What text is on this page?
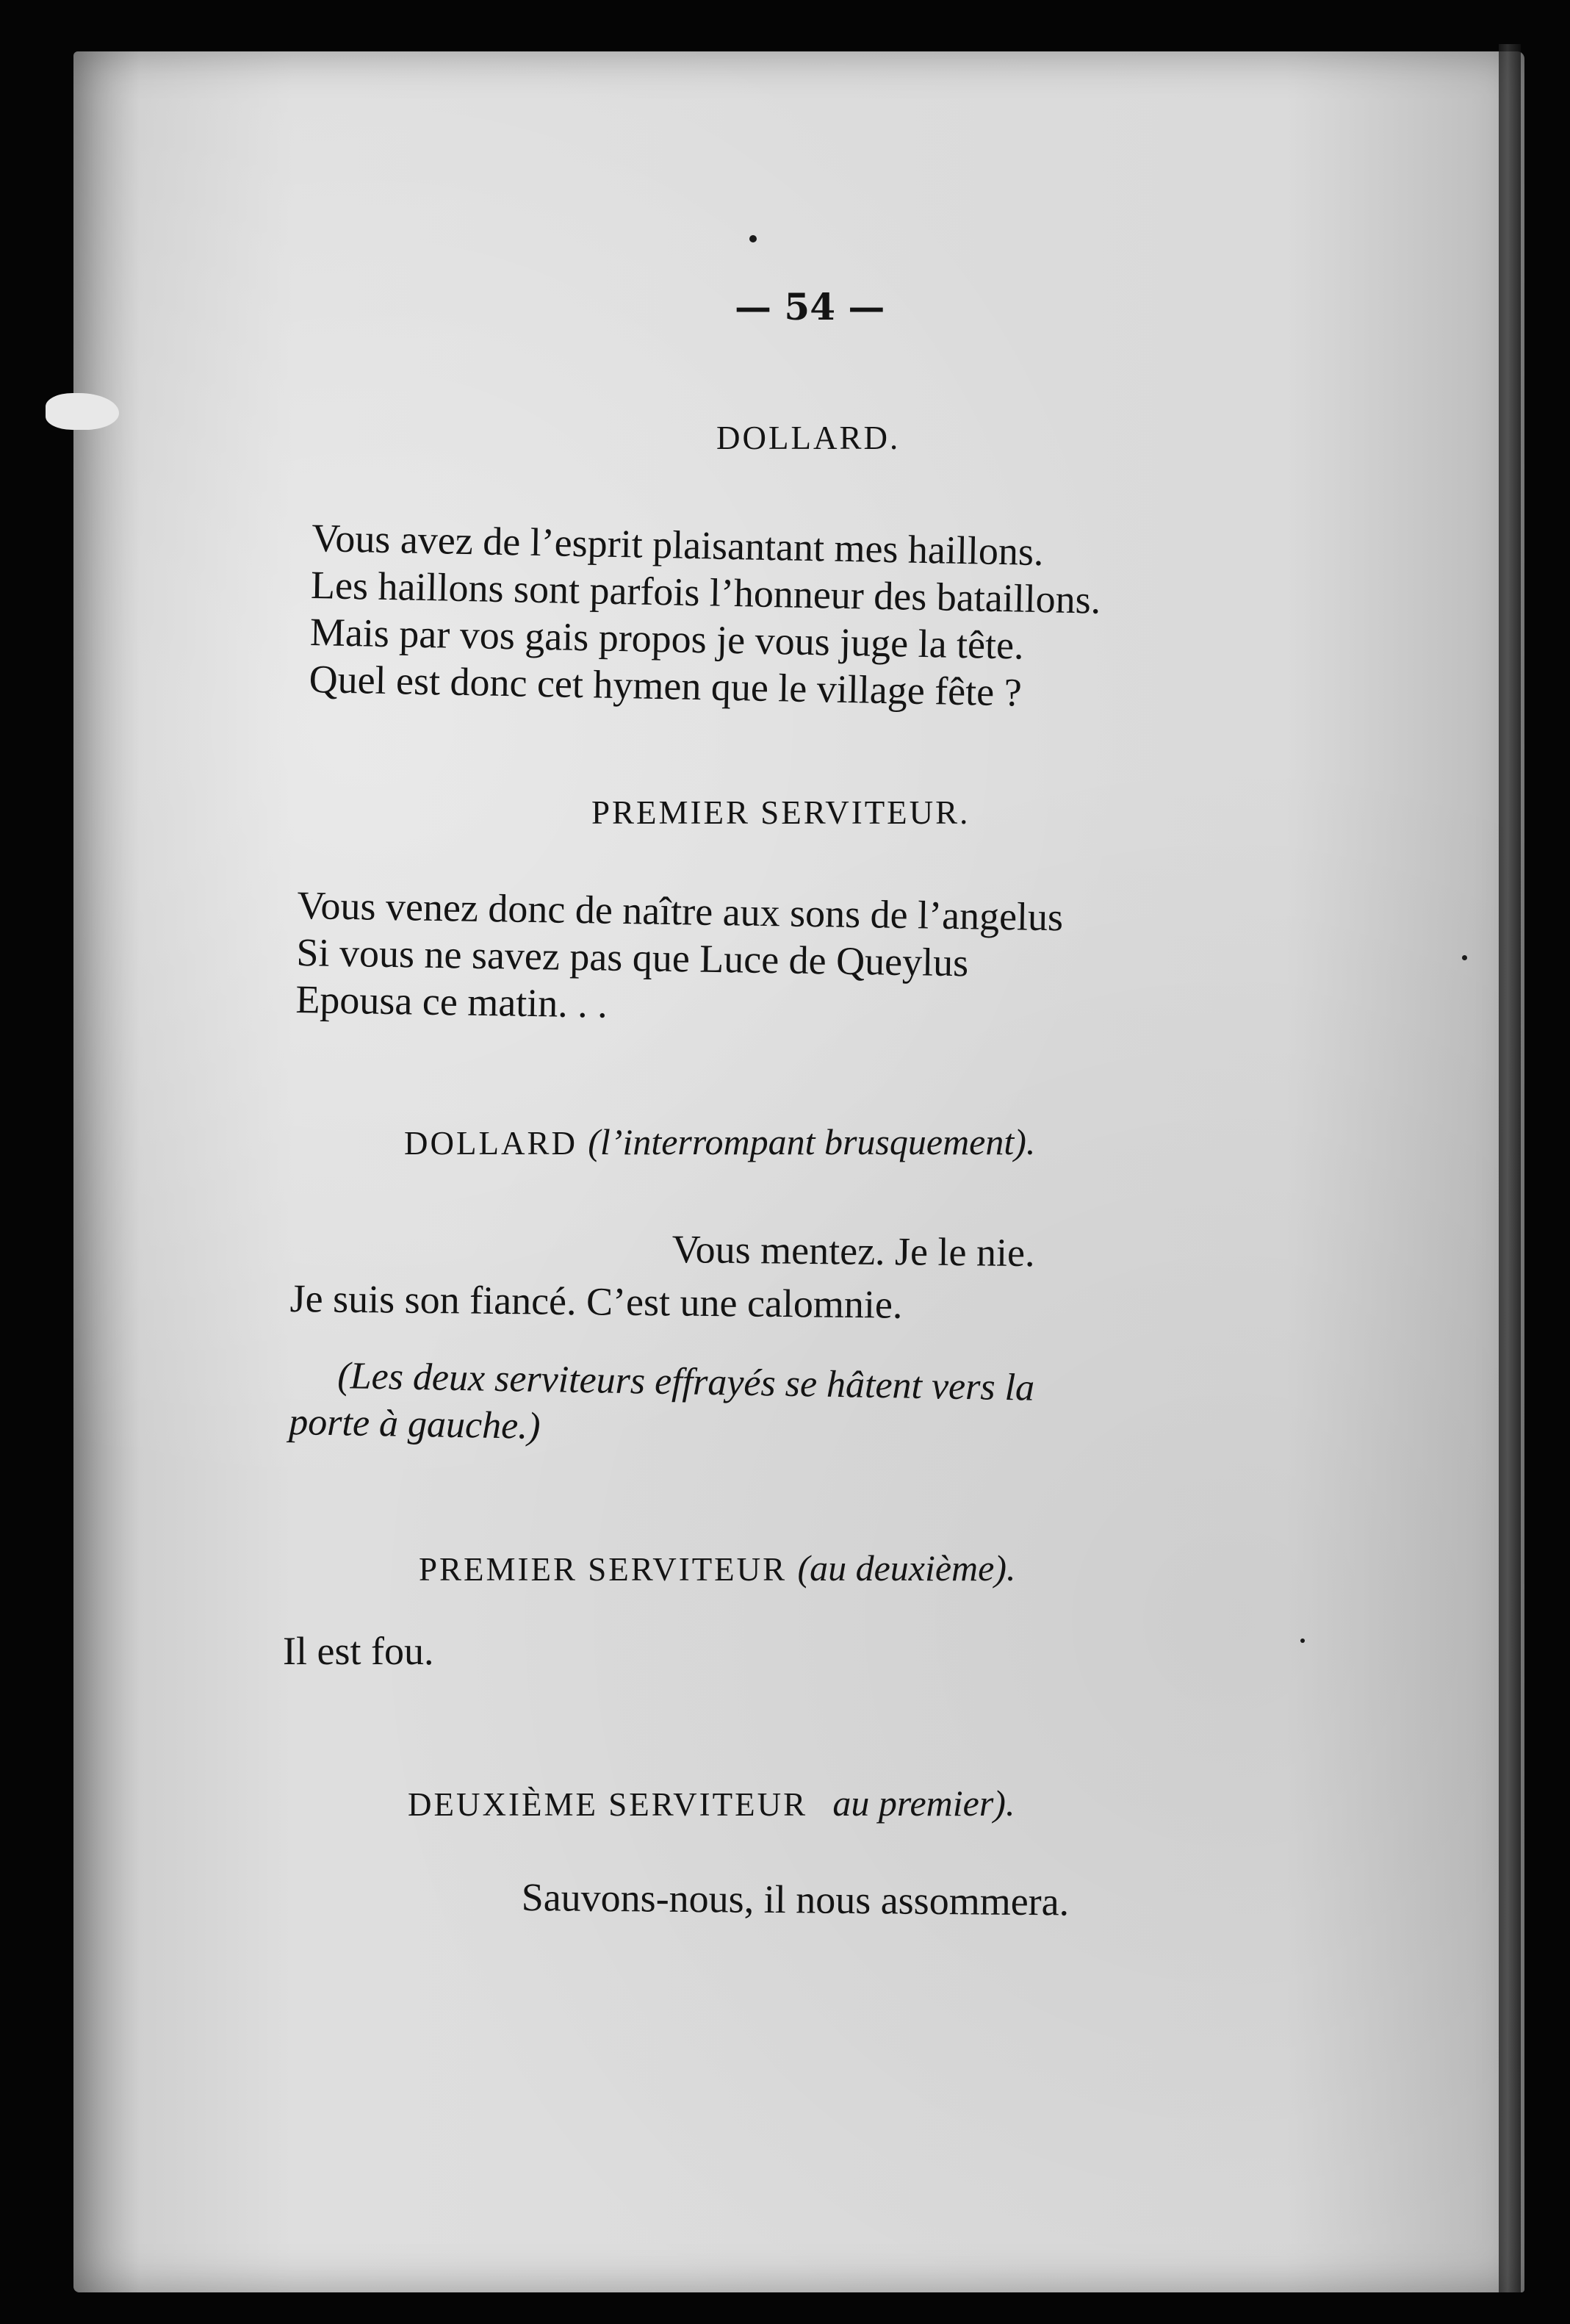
— 54 —
DOLLARD.
Vous avez de l’esprit plaisantant mes haillons.
Les haillons sont parfois l’honneur des bataillons.
Mais par vos gais propos je vous juge la tête.
Quel est donc cet hymen que le village fête ?
PREMIER SERVITEUR.
Vous venez donc de naître aux sons de l’angelus
Si vous ne savez pas que Luce de Queylus
Epousa ce matin. . .
DOLLARD (l’interrompant brusquement).
Vous mentez. Je le nie.
Je suis son fiancé. C’est une calomnie.
(Les deux serviteurs effrayés se hâtent vers la
porte à gauche.)
PREMIER SERVITEUR (au deuxième).
Il est fou.
DEUXIÈME SERVITEUR au premier).
Sauvons-nous, il nous assommera.
